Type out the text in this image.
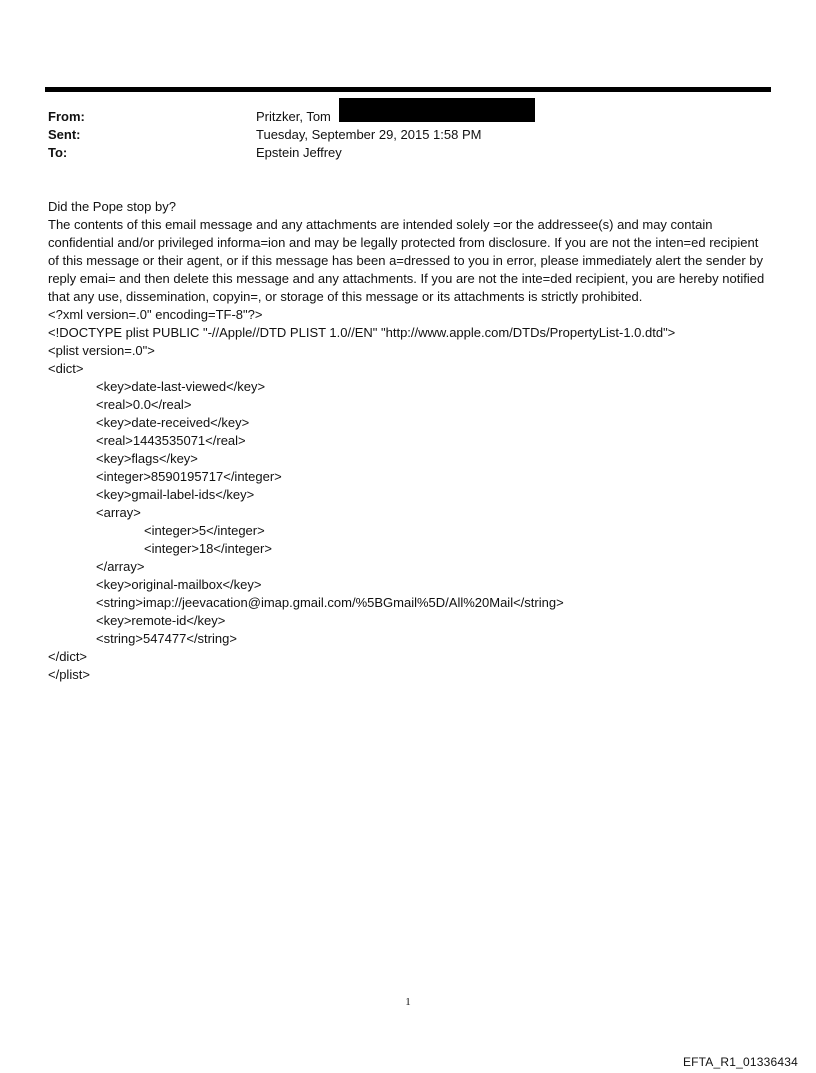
From:	Pritzker, Tom
Sent:	Tuesday, September 29, 2015 1:58 PM
To:	Epstein Jeffrey
Did the Pope stop by?
The contents of this email message and any attachments are intended solely =or the addressee(s) and may contain confidential and/or privileged informa=ion and may be legally protected from disclosure. If you are not the inten=ed recipient of this message or their agent, or if this message has been a=dressed to you in error, please immediately alert the sender by reply emai= and then delete this message and any attachments. If you are not the inte=ded recipient, you are hereby notified that any use, dissemination, copyin=, or storage of this message or its attachments is strictly prohibited.
<?xml version=.0" encoding=TF-8"?>
<!DOCTYPE plist PUBLIC "-//Apple//DTD PLIST 1.0//EN" "http://www.apple.com/DTDs/PropertyList-1.0.dtd">
<plist version=.0">
<dict>
<key>date-last-viewed</key>
<real>0.0</real>
<key>date-received</key>
<real>1443535071</real>
<key>flags</key>
<integer>8590195717</integer>
<key>gmail-label-ids</key>
<array>
<integer>5</integer>
<integer>18</integer>
</array>
<key>original-mailbox</key>
<string>imap://jeevacation@imap.gmail.com/%5BGmail%5D/All%20Mail</string>
<key>remote-id</key>
<string>547477</string>
</dict>
</plist>
1
EFTA_R1_01336434
